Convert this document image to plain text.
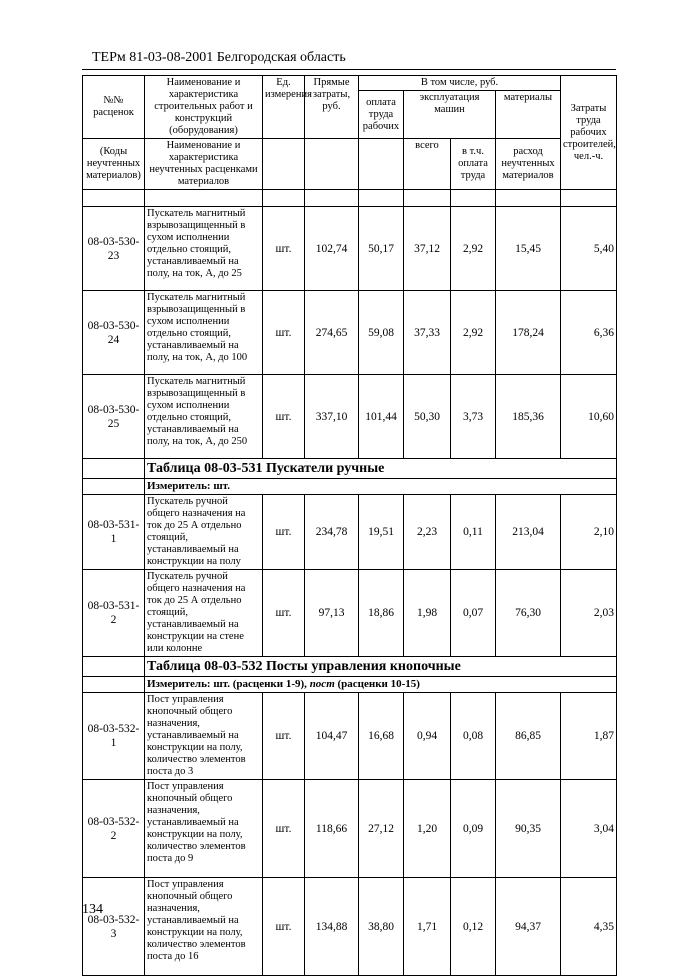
ТЕРм 81-03-08-2001 Белгородская область
№№ расценок	Наименование и характеристика строительных работ и конструкций (оборудования)	Ед. измерения	Прямые затраты, руб.	В том числе, руб.				Затраты труда рабочих строителей, чел.-ч.
				оплата труда рабочих	эксплуатация машин		материалы	

(Коды неучтенных материалов)	Наименование и характеристика неучтенных расценками материалов				всего	в т.ч. оплата труда	расход неучтенных материалов	

08-03-530-23	Пускатель магнитный взрывозащищенный в сухом исполнении отдельно стоящий, устанавливаемый на полу, на ток, А, до 25	шт.	102,74	50,17	37,12	2,92	15,45	5,40
08-03-530-24	Пускатель магнитный взрывозащищенный в сухом исполнении отдельно стоящий, устанавливаемый на полу, на ток, А, до 100	шт.	274,65	59,08	37,33	2,92	178,24	6,36
08-03-530-25	Пускатель магнитный взрывозащищенный в сухом исполнении отдельно стоящий, устанавливаемый на полу, на ток, А, до 250	шт.	337,10	101,44	50,30	3,73	185,36	10,60
	Таблица 08-03-531 Пускатели ручные							
	Измеритель: шт.							
08-03-531-1	Пускатель ручной общего назначения на ток до 25 А отдельно стоящий, устанавливаемый на конструкции на полу	шт.	234,78	19,51	2,23	0,11	213,04	2,10
08-03-531-2	Пускатель ручной общего назначения на ток до 25 А отдельно стоящий, устанавливаемый на конструкции на стене или колонне	шт.	97,13	18,86	1,98	0,07	76,30	2,03
	Таблица 08-03-532 Посты управления кнопочные							
	Измеритель: шт. (расценки 1-9), пост (расценки 10-15)							
08-03-532-1	Пост управления кнопочный общего назначения, устанавливаемый на конструкции на полу, количество элементов поста до 3	шт.	104,47	16,68	0,94	0,08	86,85	1,87
08-03-532-2	Пост управления кнопочный общего назначения, устанавливаемый на конструкции на полу, количество элементов поста до 9	шт.	118,66	27,12	1,20	0,09	90,35	3,04
08-03-532-3	Пост управления кнопочный общего назначения, устанавливаемый на конструкции на полу, количество элементов поста до 16	шт.	134,88	38,80	1,71	0,12	94,37	4,35
134
